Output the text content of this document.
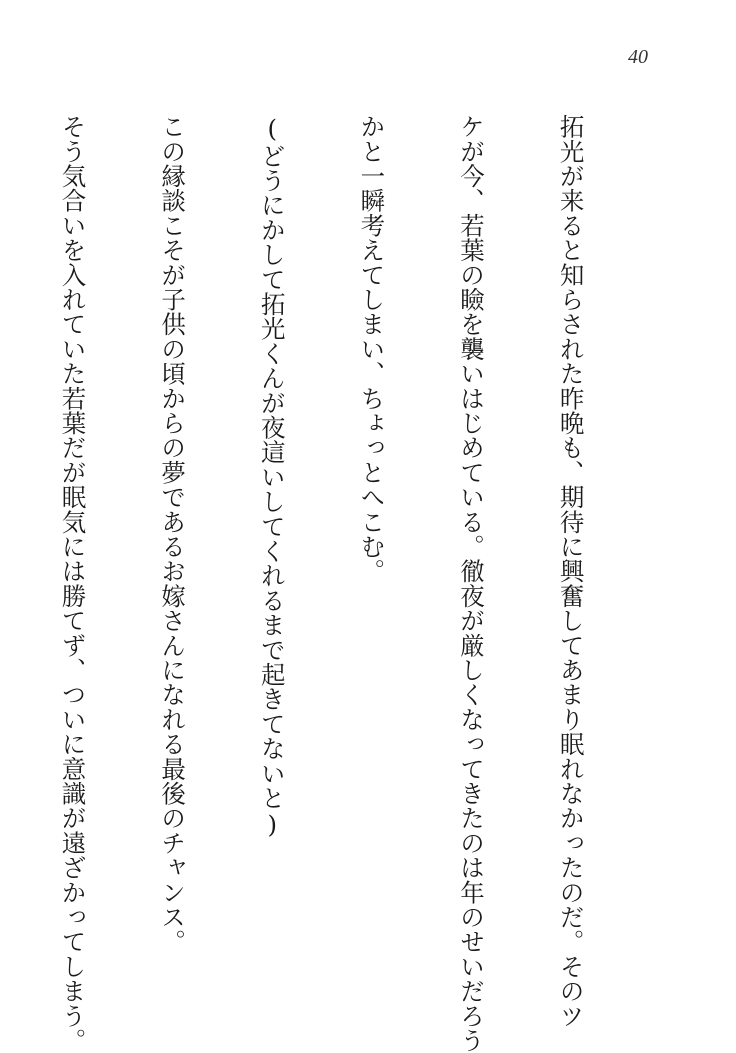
40

拓光が来ると知らされた昨晩も、期待に興奮してあまり眠れなかったのだ。そのツ

ケが今、若葉の瞼を襲いはじめている。徹夜が厳しくなってきたのは年のせいだろう

かと一瞬考えてしまい、ちょっとへこむ。

(どうにかして拓光くんが夜這いしてくれるまで起きてないと)

この縁談こそが子供の頃からの夢であるお嫁さんになれる最後のチャンス。

そう気合いを入れていた若葉だが眠気には勝てず、ついに意識が遠ざかってしまう。
